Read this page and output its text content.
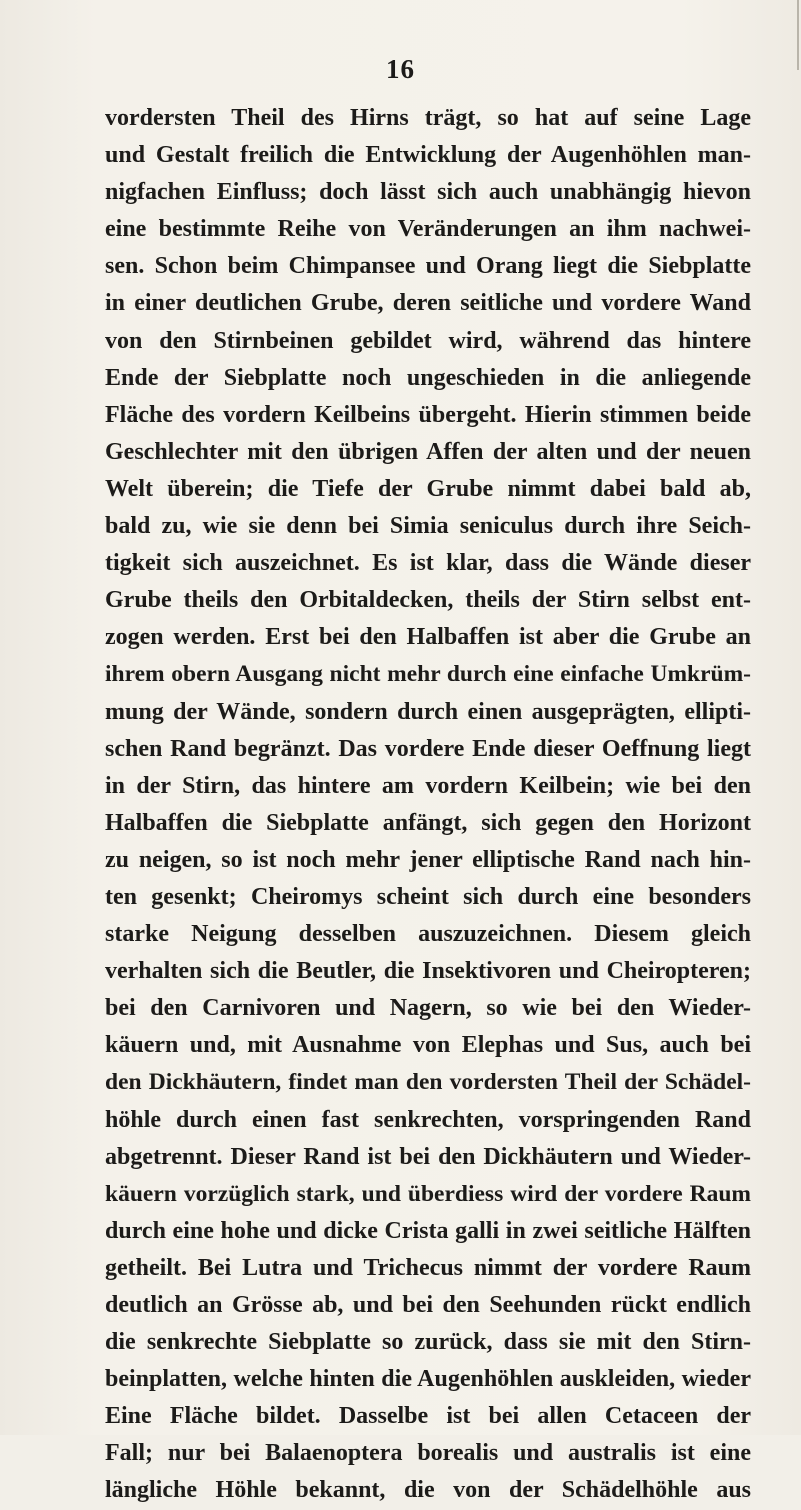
16
vordersten Theil des Hirns trägt, so hat auf seine Lage
und Gestalt freilich die Entwicklung der Augenhöhlen man-
nigfachen Einfluss; doch lässt sich auch unabhängig hievon
eine bestimmte Reihe von Veränderungen an ihm nachwei-
sen. Schon beim Chimpansee und Orang liegt die Siebplatte
in einer deutlichen Grube, deren seitliche und vordere Wand
von den Stirnbeinen gebildet wird, während das hintere
Ende der Siebplatte noch ungeschieden in die anliegende
Fläche des vordern Keilbeins übergeht. Hierin stimmen beide
Geschlechter mit den übrigen Affen der alten und der neuen
Welt überein; die Tiefe der Grube nimmt dabei bald ab,
bald zu, wie sie denn bei Simia seniculus durch ihre Seich-
tigkeit sich auszeichnet. Es ist klar, dass die Wände dieser
Grube theils den Orbitaldecken, theils der Stirn selbst ent-
zogen werden. Erst bei den Halbaffen ist aber die Grube an
ihrem obern Ausgang nicht mehr durch eine einfache Umkrüm-
mung der Wände, sondern durch einen ausgeprägten, ellipti-
schen Rand begränzt. Das vordere Ende dieser Oeffnung liegt
in der Stirn, das hintere am vordern Keilbein; wie bei den
Halbaffen die Siebplatte anfängt, sich gegen den Horizont
zu neigen, so ist noch mehr jener elliptische Rand nach hin-
ten gesenkt; Cheiromys scheint sich durch eine besonders
starke Neigung desselben auszuzeichnen. Diesem gleich
verhalten sich die Beutler, die Insektivoren und Cheiropteren;
bei den Carnivoren und Nagern, so wie bei den Wieder-
käuern und, mit Ausnahme von Elephas und Sus, auch bei
den Dickhäutern, findet man den vordersten Theil der Schädel-
höhle durch einen fast senkrechten, vorspringenden Rand
abgetrennt. Dieser Rand ist bei den Dickhäutern und Wieder-
käuern vorzüglich stark, und überdiess wird der vordere Raum
durch eine hohe und dicke Crista galli in zwei seitliche Hälften
getheilt. Bei Lutra und Trichecus nimmt der vordere Raum
deutlich an Grösse ab, und bei den Seehunden rückt endlich
die senkrechte Siebplatte so zurück, dass sie mit den Stirn-
beinplatten, welche hinten die Augenhöhlen auskleiden, wieder
Eine Fläche bildet. Dasselbe ist bei allen Cetaceen der
Fall; nur bei Balaenoptera borealis und australis ist eine
längliche Höhle bekannt, die von der Schädelhöhle aus
